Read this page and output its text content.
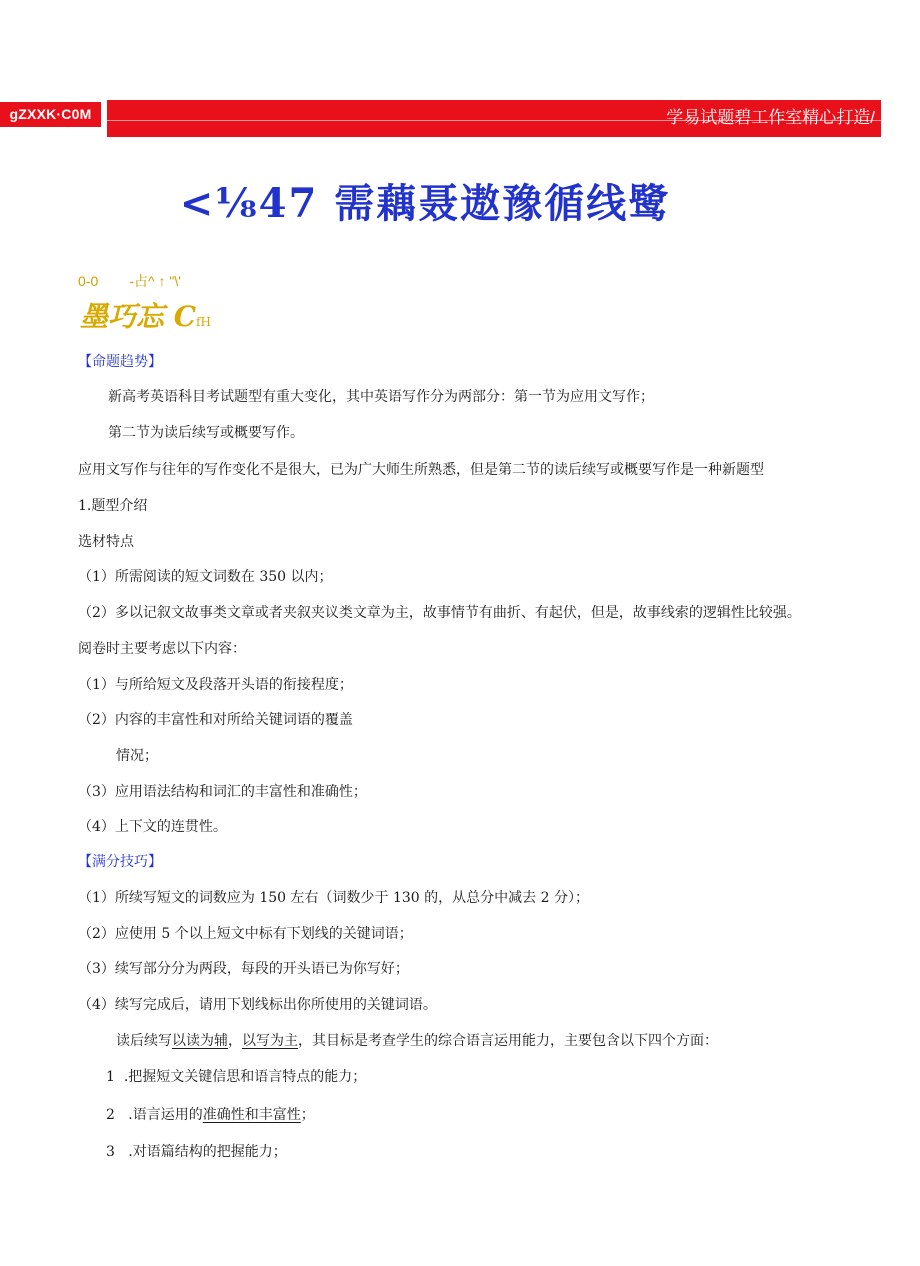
gZXXK·C0M	学易试题碧工作室精心打造/
<⅛47 需藕聂遨豫循线鹭
0-0        -占^ ↑ "\'
墨巧忘 CfH
【命题趋势】
新高考英语科目考试题型有重大变化，其中英语写作分为两部分：第一节为应用文写作；
第二节为读后续写或概要写作。
应用文写作与往年的写作变化不是很大，已为广大师生所熟悉，但是第二节的读后续写或概要写作是一种新题型
1.题型介绍
选材特点
（1）所需阅读的短文词数在 350 以内；
（2）多以记叙文故事类文章或者夹叙夹议类文章为主，故事情节有曲折、有起伏，但是，故事线索的逻辑性比较强。
阅卷时主要考虑以下内容：
（1）与所给短文及段落开头语的衔接程度；
（2）内容的丰富性和对所给关键词语的覆盖
情况；
（3）应用语法结构和词汇的丰富性和准确性；
（4）上下文的连贯性。
【满分技巧】
（1）所续写短文的词数应为 150 左右（词数少于 130 的，从总分中减去 2 分）；
（2）应使用 5 个以上短文中标有下划线的关键词语；
（3）续写部分分为两段，每段的开头语已为你写好；
（4）续写完成后，请用下划线标出你所使用的关键词语。
读后续写以读为辅，以写为主，其目标是考查学生的综合语言运用能力，主要包含以下四个方面：
1 .把握短文关键信思和语言特点的能力；
2 .语言运用的准确性和丰富性；
3 .对语篇结构的把握能力；
